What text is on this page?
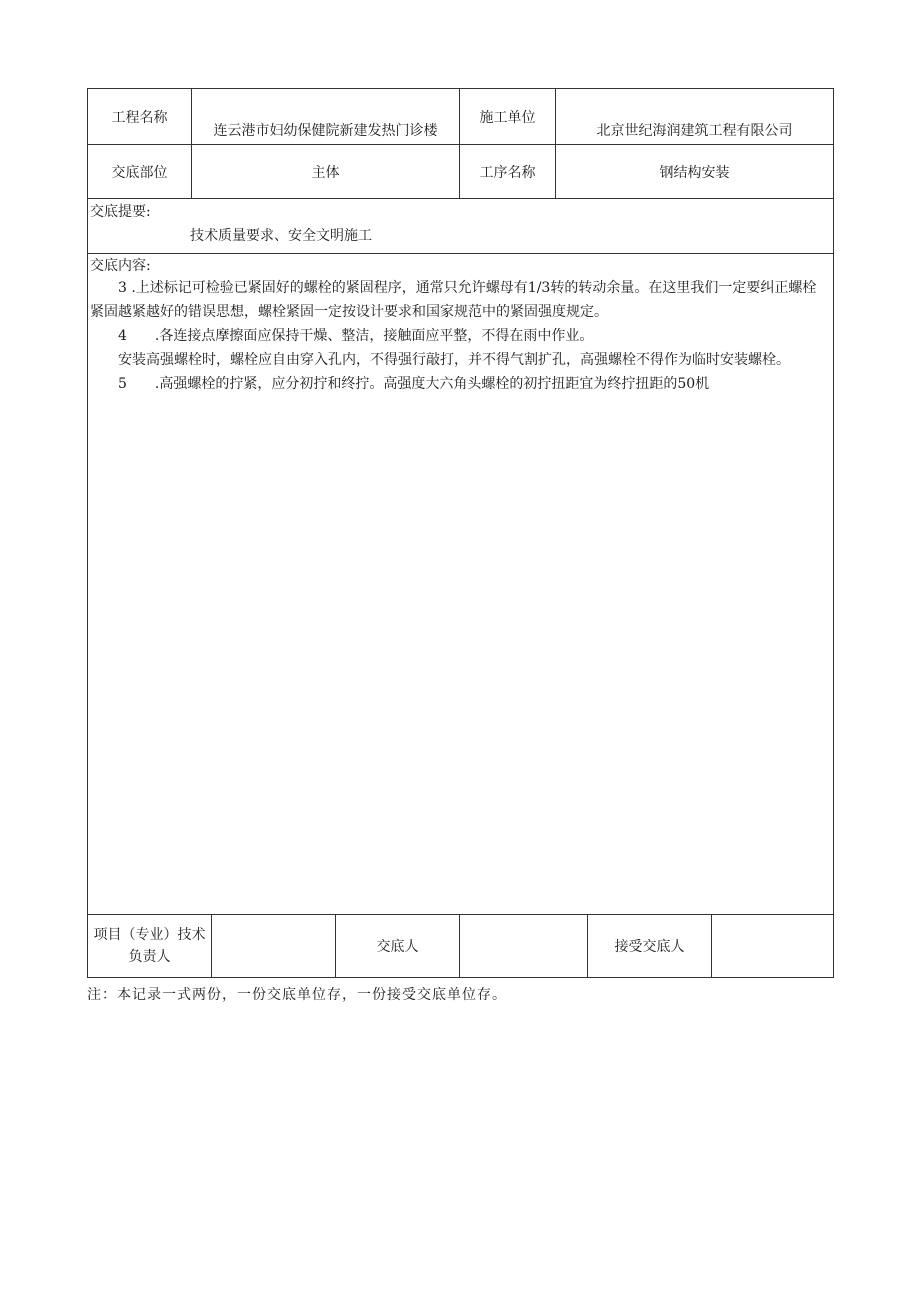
工程名称	连云港市妇幼保健院新建发热门诊楼			施工单位	北京世纪海润建筑工程有限公司		
交底部位	主体			工序名称	钢结构安装		

交底提要:
技术质量要求、安全文明施工							

交底内容:

3 .上述标记可检验已紧固好的螺栓的紧固程序，通常只允许螺母有1/3转的转动余量。在这里我们一定要纠正螺栓紧固越紧越好的错误思想，螺栓紧固一定按设计要求和国家规范中的紧固强度规定。

4　　.各连接点摩擦面应保持干燥、整洁，接触面应平整，不得在雨中作业。

安装高强螺栓时，螺栓应自由穿入孔内，不得强行敲打，并不得气割扩孔，高强螺栓不得作为临时安装螺栓。

5　　.高强螺栓的拧紧，应分初拧和终拧。高强度大六角头螺栓的初拧扭距宜为终拧扭距的50机							

项目（专业）技术
负责人			交底人			接受交底人	
注：本记录一式两份，一份交底单位存，一份接受交底单位存。
